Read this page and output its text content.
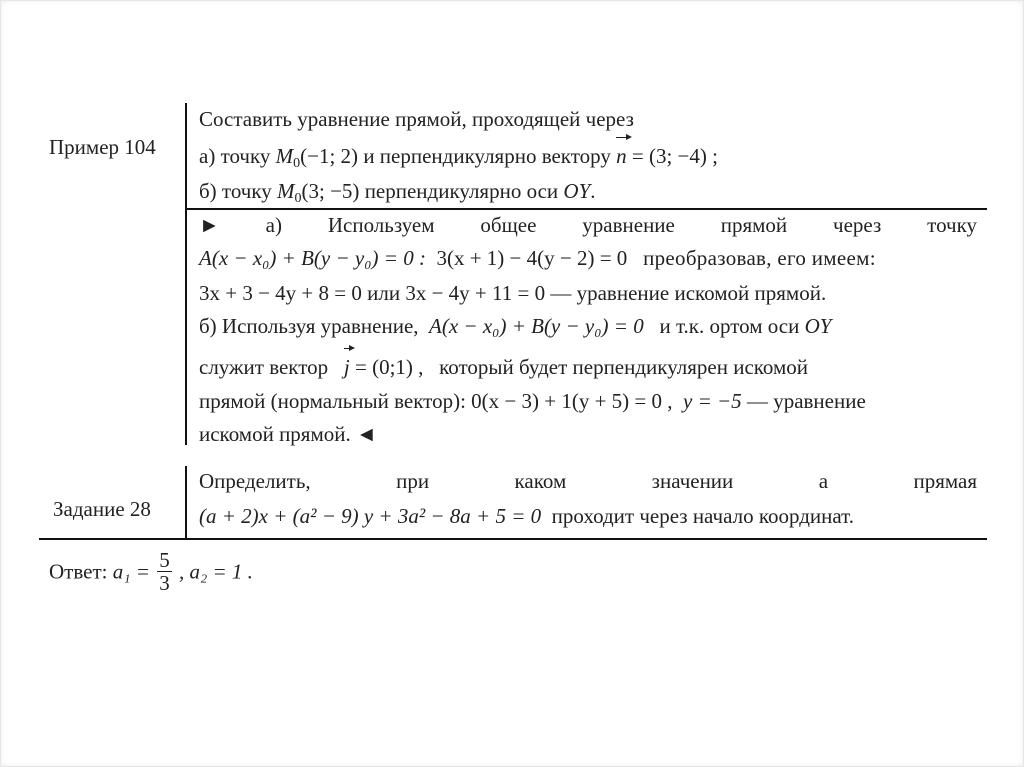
Пример 104
Составить уравнение прямой, проходящей через
а) точку $M_0(-1$; 2) и перпендикулярно вектору n = (3; −4) ;
б) точку $M_0(3$; −5) перпендикулярно оси OY.
► а) Используем общее уравнение прямой через точку
A(x − x₀) + B(y − y₀) = 0 : 3(x + 1) − 4(y − 2) = 0 преобразовав, его имеем:
3x + 3 − 4y + 8 = 0 или 3x − 4y + 11 = 0 — уравнение искомой прямой.
б) Используя уравнение, A(x − x₀) + B(y − y₀) = 0 и т.к. ортом оси OY
служит вектор j = (0;1) , который будет перпендикулярен искомой
прямой (нормальный вектор): 0(x − 3) + 1(y + 5) = 0 , y = −5 — уравнение
искомой прямой. ◄
Определить, при каком значении a прямая
(a + 2)x + (a² − 9) y + 3a² − 8a + 5 = 0 проходит через начало координат.
Задание 28
Ответ: $a_1 = \frac{5}{3}$ , a₂ = 1 .
